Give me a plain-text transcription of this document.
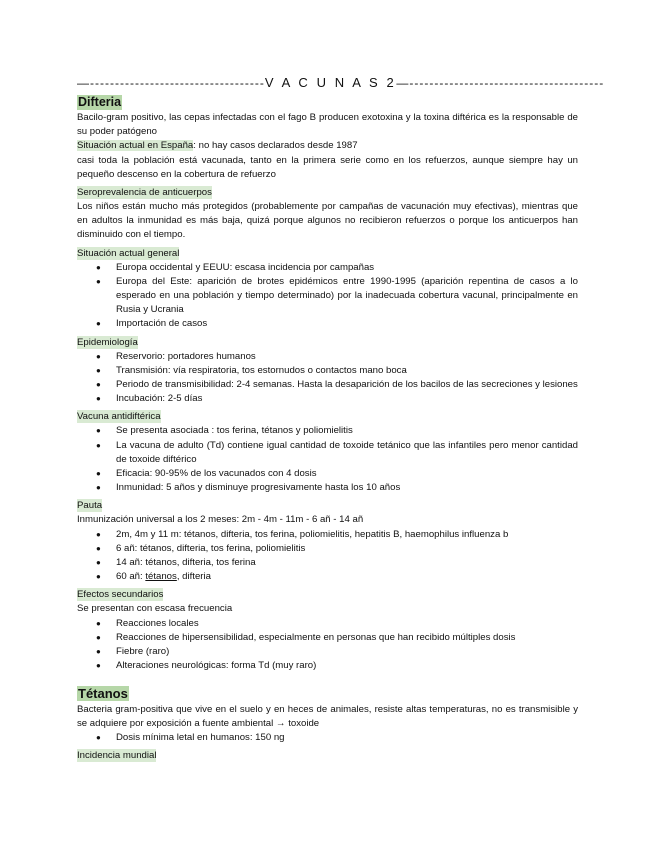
—-----------------------------------V A C U N A S 2—---------------------------------------
Difteria
Bacilo-gram positivo, las cepas infectadas con el fago B producen exotoxina y la toxina diftérica es la responsable de su poder patógeno
Situación actual en España: no hay casos declarados desde 1987
casi toda la población está vacunada, tanto en la primera serie como en los refuerzos, aunque siempre hay un pequeño descenso en la cobertura de refuerzo
Seroprevalencia de anticuerpos
Los niños están mucho más protegidos (probablemente por campañas de vacunación muy efectivas), mientras que en adultos la inmunidad es más baja, quizá porque algunos no recibieron refuerzos o porque los anticuerpos han disminuido con el tiempo.
Situación actual general
● Europa occidental y EEUU: escasa incidencia por campañas
● Europa del Este: aparición de brotes epidémicos entre 1990-1995 (aparición repentina de casos a lo esperado en una población y tiempo determinado) por la inadecuada cobertura vacunal, principalmente en Rusia y Ucrania
● Importación de casos
Epidemiología
● Reservorio: portadores humanos
● Transmisión: vía respiratoria, tos estornudos o contactos mano boca
● Periodo de transmisibilidad: 2-4 semanas. Hasta la desaparición de los bacilos de las secreciones y lesiones
● Incubación: 2-5 días
Vacuna antidiftérica
● Se presenta asociada : tos ferina, tétanos y poliomielitis
● La vacuna de adulto (Td) contiene igual cantidad de toxoide tetánico que las infantiles pero menor cantidad de toxoide diftérico
● Eficacia: 90-95% de los vacunados con 4 dosis
● Inmunidad: 5 años y disminuye progresivamente hasta los 10 años
Pauta
Inmunización universal a los 2 meses: 2m - 4m - 11m - 6 añ - 14 añ
● 2m, 4m y 11 m: tétanos, difteria, tos ferina, poliomielitis, hepatitis B, haemophilus influenza b
● 6 añ: tétanos, difteria, tos ferina, poliomielitis
● 14 añ: tétanos, difteria, tos ferina
● 60 añ: tétanos, difteria
Efectos secundarios
Se presentan con escasa frecuencia
● Reacciones locales
● Reacciones de hipersensibilidad, especialmente en personas que han recibido múltiples dosis
● Fiebre (raro)
● Alteraciones neurológicas: forma Td (muy raro)
Tétanos
Bacteria gram-positiva que vive en el suelo y en heces de animales, resiste altas temperaturas, no es transmisible y se adquiere por exposición a fuente ambiental → toxoide
● Dosis mínima letal en humanos: 150 ng
Incidencia mundial
